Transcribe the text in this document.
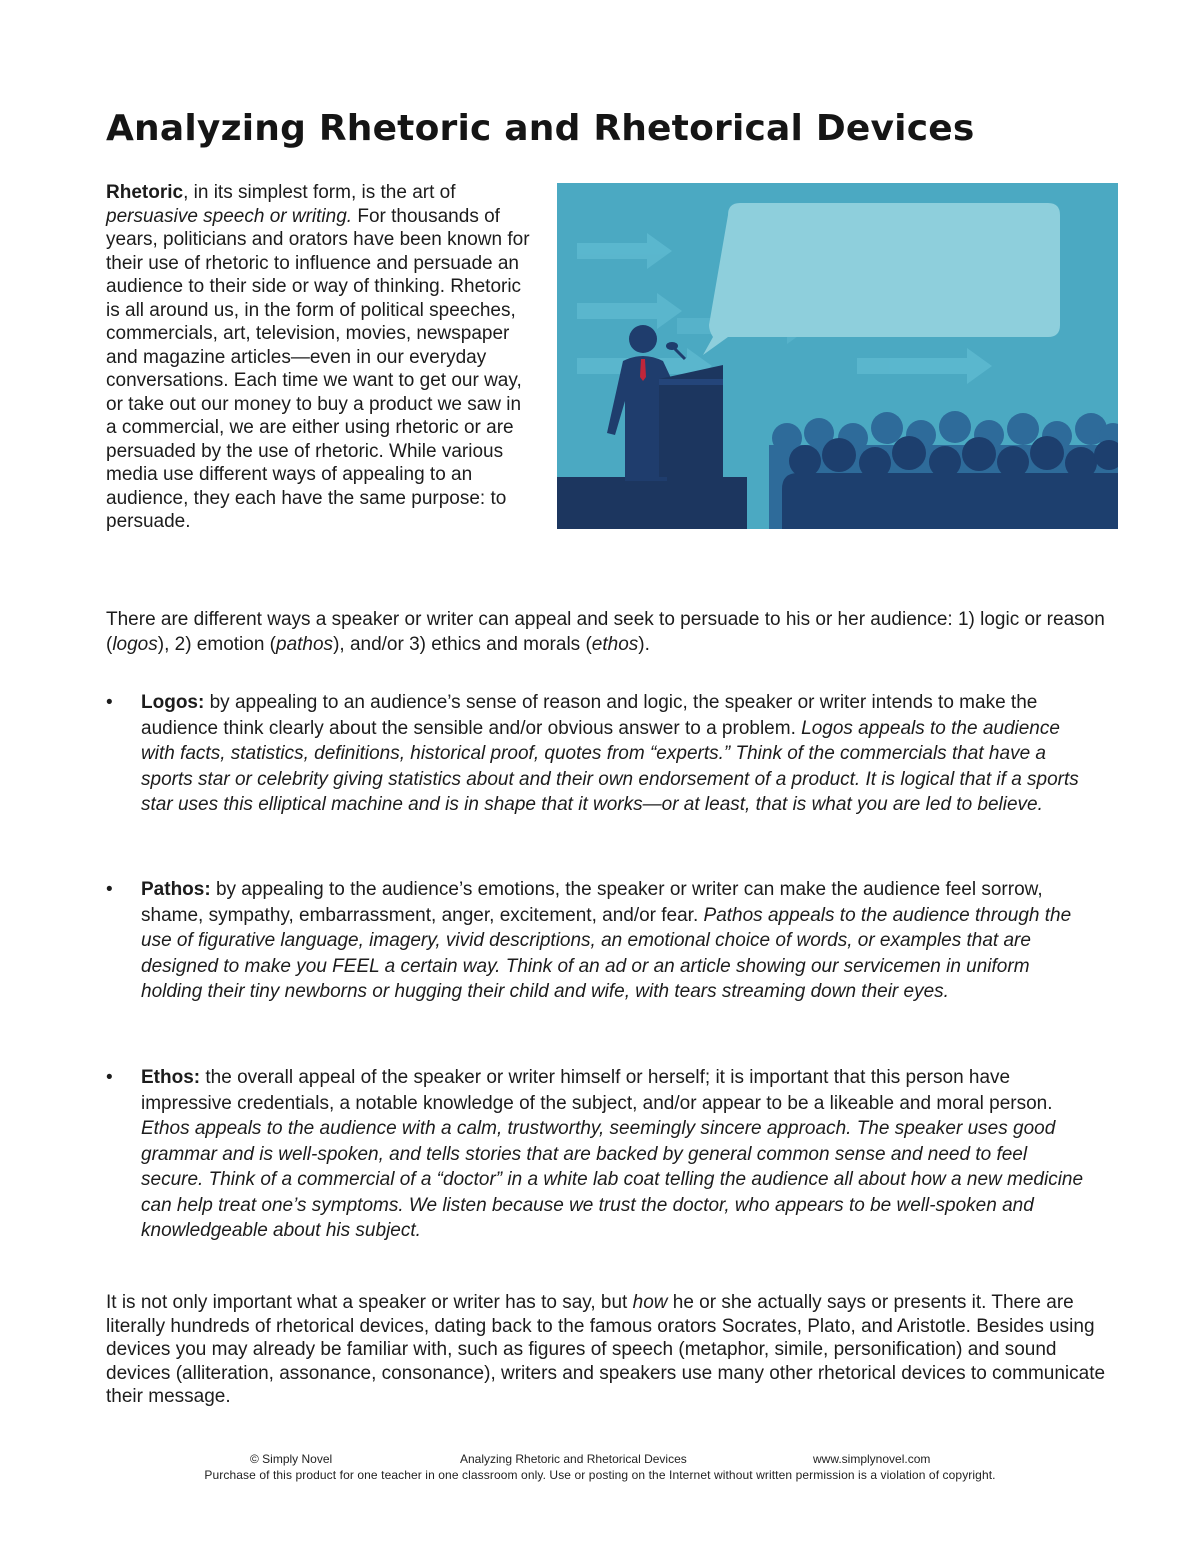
Analyzing Rhetoric and Rhetorical Devices

Rhetoric, in its simplest form, is the art of persuasive speech or writing. For thousands of years, politicians and orators have been known for their use of rhetoric to influence and persuade an audience to their side or way of thinking. Rhetoric is all around us, in the form of political speeches, commercials, art, television, movies, newspaper and magazine articles—even in our everyday conversations. Each time we want to get our way, or take out our money to buy a product we saw in a commercial, we are either using rhetoric or are persuaded by the use of rhetoric. While various media use different ways of appealing to an audience, they each have the same purpose: to persuade.

There are different ways a speaker or writer can appeal and seek to persuade to his or her audience: 1) logic or reason (logos), 2) emotion (pathos), and/or 3) ethics and morals (ethos).

• Logos: by appealing to an audience’s sense of reason and logic, the speaker or writer intends to make the audience think clearly about the sensible and/or obvious answer to a problem. Logos appeals to the audience with facts, statistics, definitions, historical proof, quotes from “experts.” Think of the commercials that have a sports star or celebrity giving statistics about and their own endorsement of a product. It is logical that if a sports star uses this elliptical machine and is in shape that it works—or at least, that is what you are led to believe.

• Pathos: by appealing to the audience’s emotions, the speaker or writer can make the audience feel sorrow, shame, sympathy, embarrassment, anger, excitement, and/or fear. Pathos appeals to the audience through the use of figurative language, imagery, vivid descriptions, an emotional choice of words, or examples that are designed to make you FEEL a certain way. Think of an ad or an article showing our servicemen in uniform holding their tiny newborns or hugging their child and wife, with tears streaming down their eyes.

• Ethos: the overall appeal of the speaker or writer himself or herself; it is important that this person have impressive credentials, a notable knowledge of the subject, and/or appear to be a likeable and moral person. Ethos appeals to the audience with a calm, trustworthy, seemingly sincere approach. The speaker uses good grammar and is well-spoken, and tells stories that are backed by general common sense and need to feel secure. Think of a commercial of a “doctor” in a white lab coat telling the audience all about how a new medicine can help treat one’s symptoms. We listen because we trust the doctor, who appears to be well-spoken and knowledgeable about his subject.

It is not only important what a speaker or writer has to say, but how he or she actually says or presents it. There are literally hundreds of rhetorical devices, dating back to the famous orators Socrates, Plato, and Aristotle. Besides using devices you may already be familiar with, such as figures of speech (metaphor, simile, personification) and sound devices (alliteration, assonance, consonance), writers and speakers use many other rhetorical devices to communicate their message.

© Simply Novel	Analyzing Rhetoric and Rhetorical Devices	www.simplynovel.com
Purchase of this product for one teacher in one classroom only. Use or posting on the Internet without written permission is a violation of copyright.
